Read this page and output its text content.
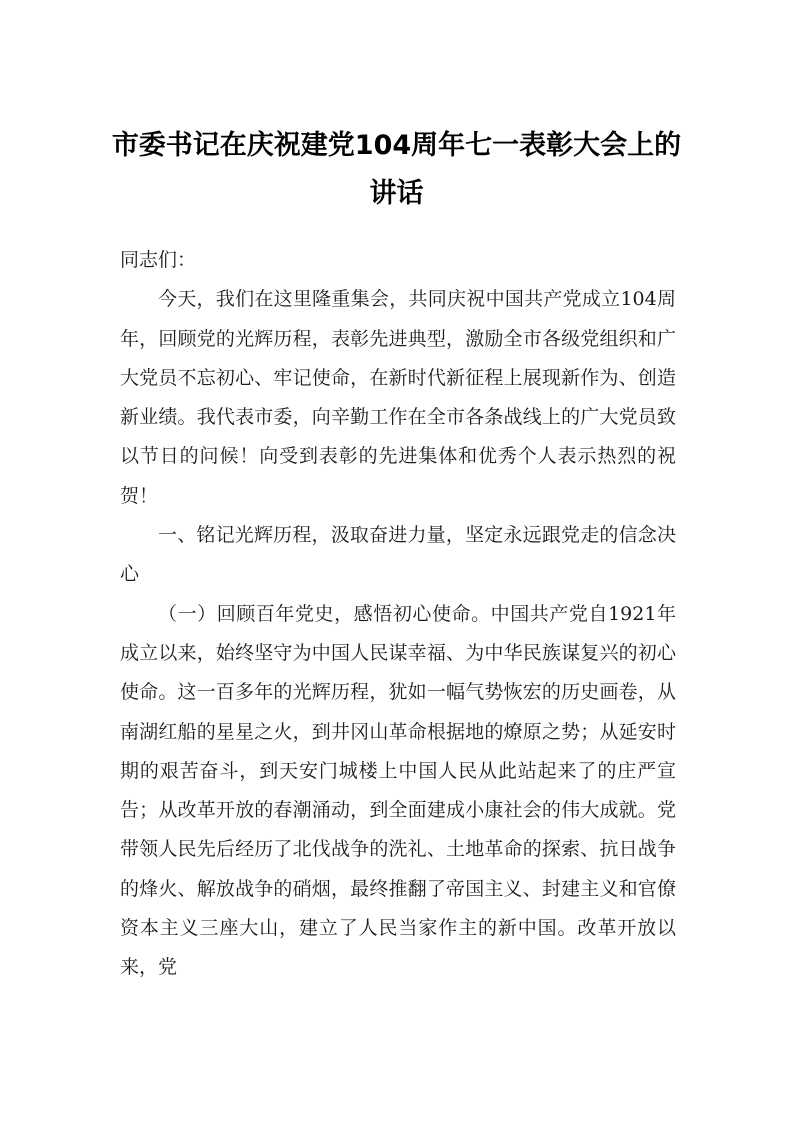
市委书记在庆祝建党104周年七一表彰大会上的讲话

同志们：

今天，我们在这里隆重集会，共同庆祝中国共产党成立104周年，回顾党的光辉历程，表彰先进典型，激励全市各级党组织和广大党员不忘初心、牢记使命，在新时代新征程上展现新作为、创造新业绩。我代表市委，向辛勤工作在全市各条战线上的广大党员致以节日的问候！向受到表彰的先进集体和优秀个人表示热烈的祝贺！

一、铭记光辉历程，汲取奋进力量，坚定永远跟党走的信念决心

（一）回顾百年党史，感悟初心使命。中国共产党自1921年成立以来，始终坚守为中国人民谋幸福、为中华民族谋复兴的初心使命。这一百多年的光辉历程，犹如一幅气势恢宏的历史画卷，从南湖红船的星星之火，到井冈山革命根据地的燎原之势；从延安时期的艰苦奋斗，到天安门城楼上中国人民从此站起来了的庄严宣告；从改革开放的春潮涌动，到全面建成小康社会的伟大成就。党带领人民先后经历了北伐战争的洗礼、土地革命的探索、抗日战争的烽火、解放战争的硝烟，最终推翻了帝国主义、封建主义和官僚资本主义三座大山，建立了人民当家作主的新中国。改革开放以来，党
